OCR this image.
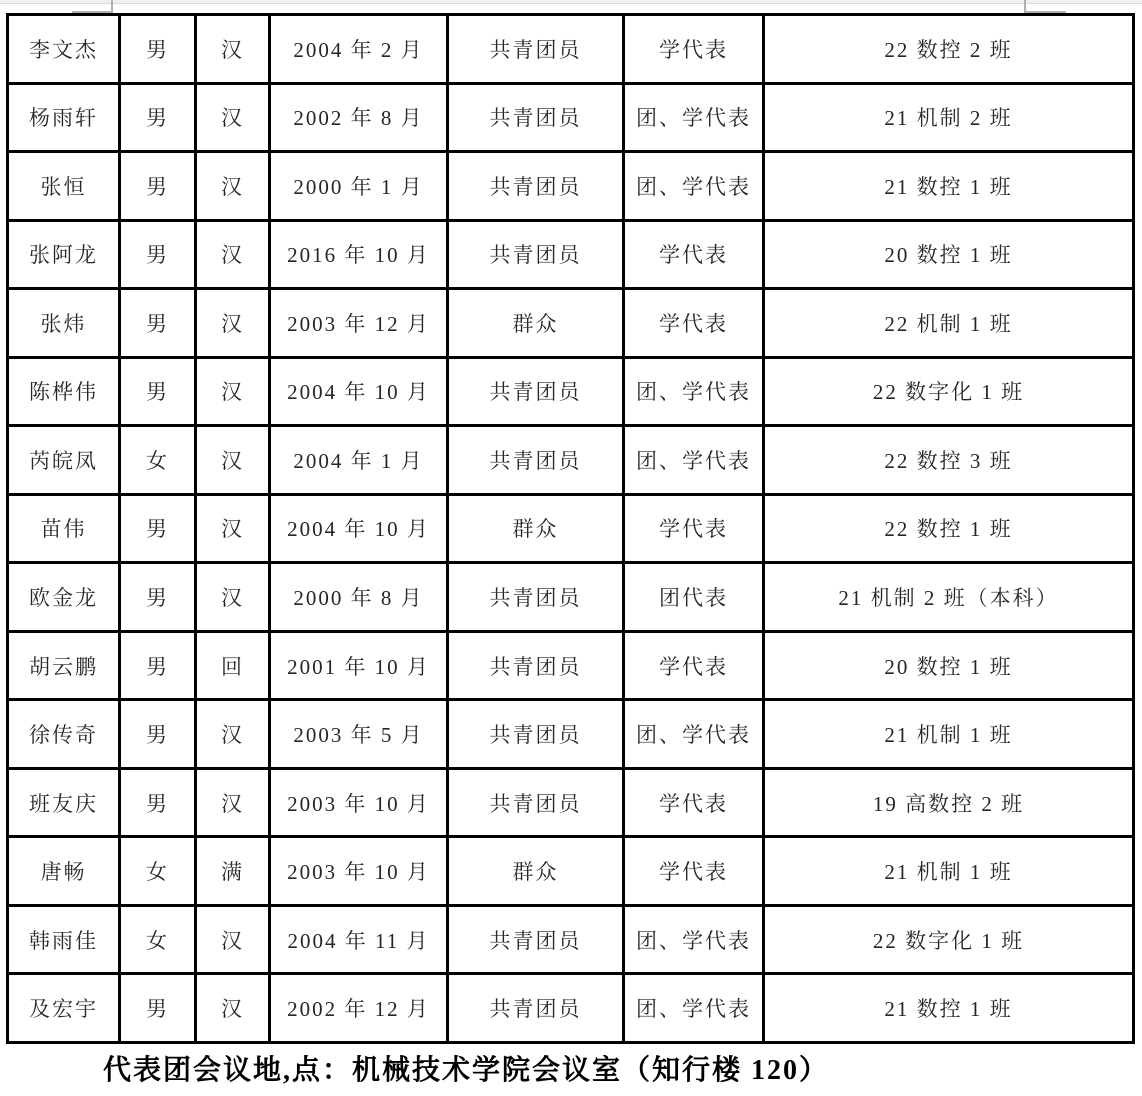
李文杰	男	汉	2004 年 2 月	共青团员	学代表	22 数控 2 班
杨雨轩	男	汉	2002 年 8 月	共青团员	团、学代表	21 机制 2 班
张恒	男	汉	2000 年 1 月	共青团员	团、学代表	21 数控 1 班
张阿龙	男	汉	2016 年 10 月	共青团员	学代表	20 数控 1 班
张炜	男	汉	2003 年 12 月	群众	学代表	22 机制 1 班
陈桦伟	男	汉	2004 年 10 月	共青团员	团、学代表	22 数字化 1 班
芮皖凤	女	汉	2004 年 1 月	共青团员	团、学代表	22 数控 3 班
苗伟	男	汉	2004 年 10 月	群众	学代表	22 数控 1 班
欧金龙	男	汉	2000 年 8 月	共青团员	团代表	21 机制 2 班（本科）
胡云鹏	男	回	2001 年 10 月	共青团员	学代表	20 数控 1 班
徐传奇	男	汉	2003 年 5 月	共青团员	团、学代表	21 机制 1 班
班友庆	男	汉	2003 年 10 月	共青团员	学代表	19 高数控 2 班
唐畅	女	满	2003 年 10 月	群众	学代表	21 机制 1 班
韩雨佳	女	汉	2004 年 11 月	共青团员	团、学代表	22 数字化 1 班
及宏宇	男	汉	2002 年 12 月	共青团员	团、学代表	21 数控 1 班
代表团会议地,点：机械技术学院会议室（知行楼 120）
